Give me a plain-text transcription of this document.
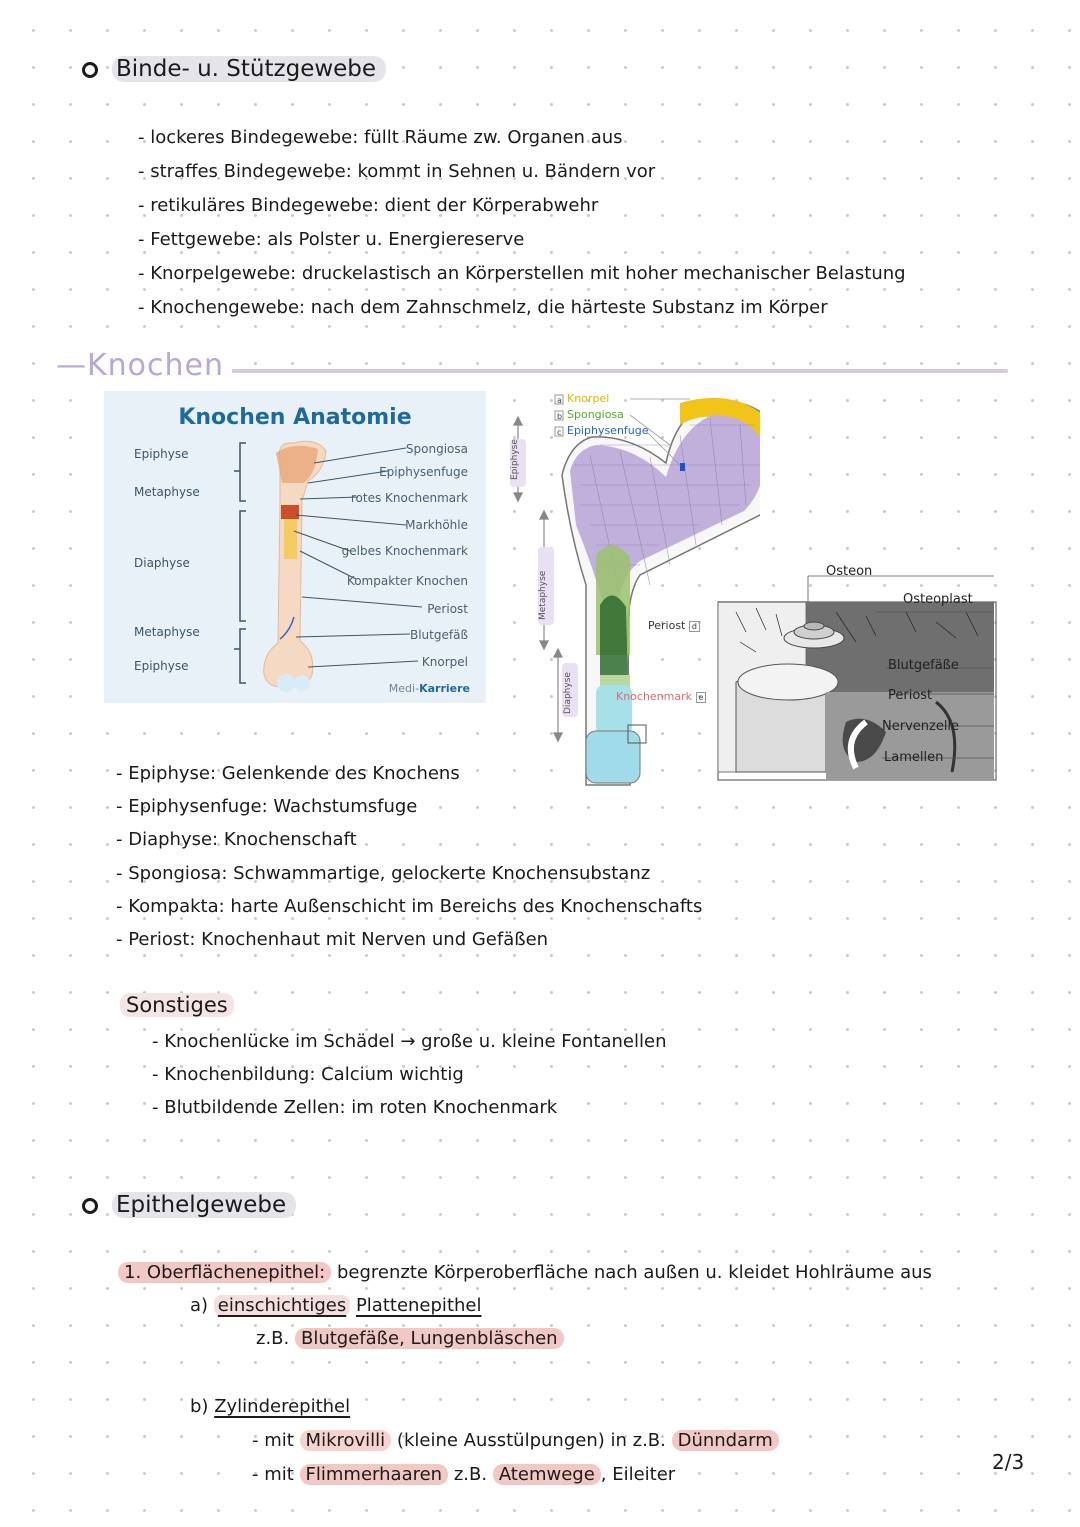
Binde- u. Stützgewebe
- lockeres Bindegewebe: füllt Räume zw. Organen aus
- straffes Bindegewebe: kommt in Sehnen u. Bändern vor
- retikuläres Bindegewebe: dient der Körperabwehr
- Fettgewebe: als Polster u. Energiereserve
- Knorpelgewebe: druckelastisch an Körperstellen mit hoher mechanischer Belastung
- Knochengewebe: nach dem Zahnschmelz, die härteste Substanz im Körper
—Knochen
Knochen Anatomie
Epiphyse
Metaphyse
Diaphyse
Metaphyse
Epiphyse
Spongiosa
Epiphysenfuge
rotes Knochenmark
Markhöhle
gelbes Knochenmark
Kompakter Knochen
Periost
Blutgefäß
Knorpel
Medi-Karriere
a
b
c
Knorpel
Spongiosa
Epiphysenfuge
Epiphyse
Metaphyse
Diaphyse
Periost d
Knochenmark e
Osteon
Osteoplast
Blutgefäße
Periost
Nervenzelle
Lamellen
- Epiphyse: Gelenkende des Knochens
- Epiphysenfuge: Wachstumsfuge
- Diaphyse: Knochenschaft
- Spongiosa: Schwammartige, gelockerte Knochensubstanz
- Kompakta: harte Außenschicht im Bereichs des Knochenschafts
- Periost: Knochenhaut mit Nerven und Gefäßen
Sonstiges
- Knochenlücke im Schädel → große u. kleine Fontanellen
- Knochenbildung: Calcium wichtig
- Blutbildende Zellen: im roten Knochenmark
Epithelgewebe
1. Oberflächenepithel: begrenzte Körperoberfläche nach außen u. kleidet Hohlräume aus
a) einschichtiges Plattenepithel
z.B. Blutgefäße, Lungenbläschen
b) Zylinderepithel
- mit Mikrovilli (kleine Ausstülpungen) in z.B. Dünndarm
- mit Flimmerhaaren z.B. Atemwege , Eileiter
2/3
